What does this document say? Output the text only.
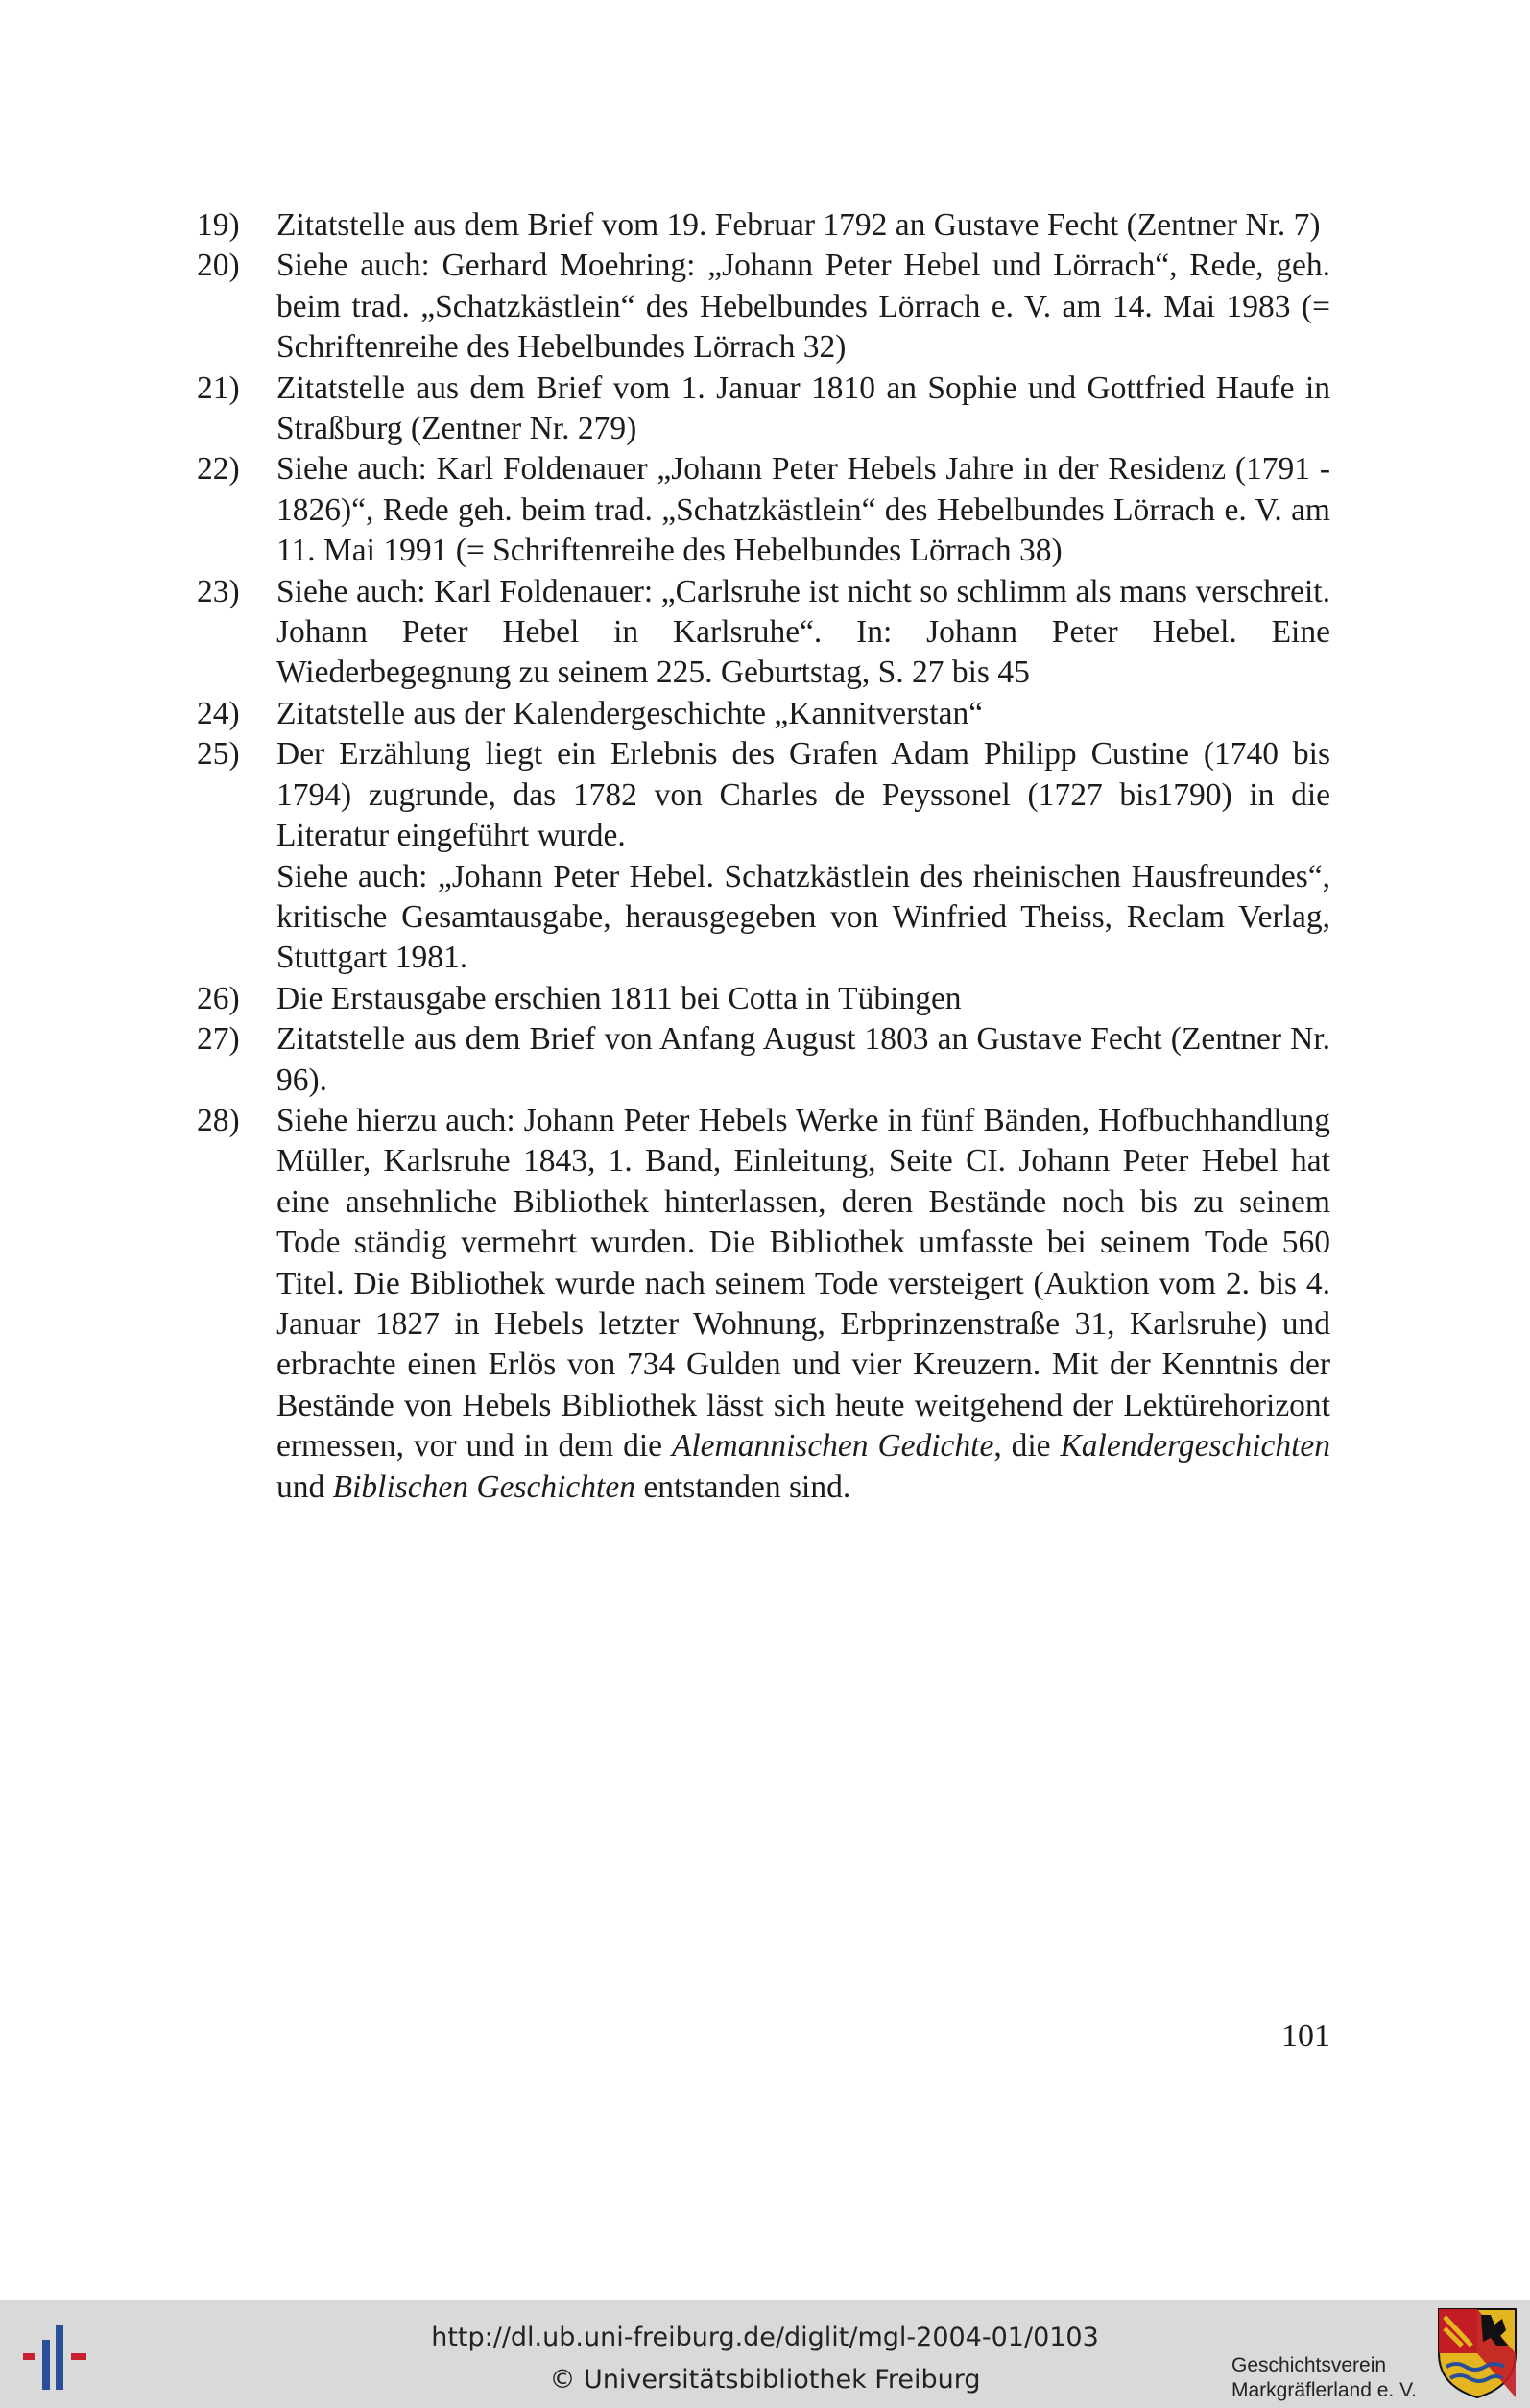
19)	Zitatstelle aus dem Brief vom 19. Februar 1792 an Gustave Fecht (Zentner Nr. 7)

20)	Siehe auch: Gerhard Moehring: „Johann Peter Hebel und Lörrach“, Rede, geh. beim trad. „Schatzkästlein“ des Hebelbundes Lörrach e. V. am 14. Mai 1983 (= Schriftenreihe des Hebelbundes Lörrach 32)

21)	Zitatstelle aus dem Brief vom 1. Januar 1810 an Sophie und Gottfried Haufe in Straßburg (Zentner Nr. 279)

22)	Siehe auch: Karl Foldenauer „Johann Peter Hebels Jahre in der Residenz (1791 - 1826)“, Rede geh. beim trad. „Schatzkästlein“ des Hebelbundes Lörrach e. V. am 11. Mai 1991 (= Schriftenreihe des Hebelbundes Lörrach 38)

23)	Siehe auch: Karl Foldenauer: „Carlsruhe ist nicht so schlimm als mans verschreit. Johann Peter Hebel in Karlsruhe“. In: Johann Peter Hebel. Eine Wiederbegegnung zu seinem 225. Geburtstag, S. 27 bis 45

24)	Zitatstelle aus der Kalendergeschichte „Kannitverstan“

25)	Der Erzählung liegt ein Erlebnis des Grafen Adam Philipp Custine (1740 bis 1794) zugrunde, das 1782 von Charles de Peyssonel (1727 bis1790) in die Literatur eingeführt wurde.

Siehe auch: „Johann Peter Hebel. Schatzkästlein des rheinischen Hausfreundes“, kritische Gesamtausgabe, herausgegeben von Winfried Theiss, Reclam Verlag, Stuttgart 1981.

26)	Die Erstausgabe erschien 1811 bei Cotta in Tübingen

27)	Zitatstelle aus dem Brief von Anfang August 1803 an Gustave Fecht (Zentner Nr. 96).

28)	Siehe hierzu auch: Johann Peter Hebels Werke in fünf Bänden, Hofbuchhandlung Müller, Karlsruhe 1843, 1. Band, Einleitung, Seite CI. Johann Peter Hebel hat eine ansehnliche Bibliothek hinterlassen, deren Bestände noch bis zu seinem Tode ständig vermehrt wurden. Die Bibliothek umfasste bei seinem Tode 560 Titel. Die Bibliothek wurde nach seinem Tode versteigert (Auktion vom 2. bis 4. Januar 1827 in Hebels letzter Wohnung, Erbprinzenstraße 31, Karlsruhe) und erbrachte einen Erlös von 734 Gulden und vier Kreuzern. Mit der Kenntnis der Bestände von Hebels Bibliothek lässt sich heute weitgehend der Lektürehorizont ermessen, vor und in dem die Alemannischen Gedichte, die Kalendergeschichten und Biblischen Geschichten entstanden sind.

101
http://dl.ub.uni-freiburg.de/diglit/mgl-2004-01/0103
© Universitätsbibliothek Freiburg	Geschichtsverein
Markgräflerland e. V.
